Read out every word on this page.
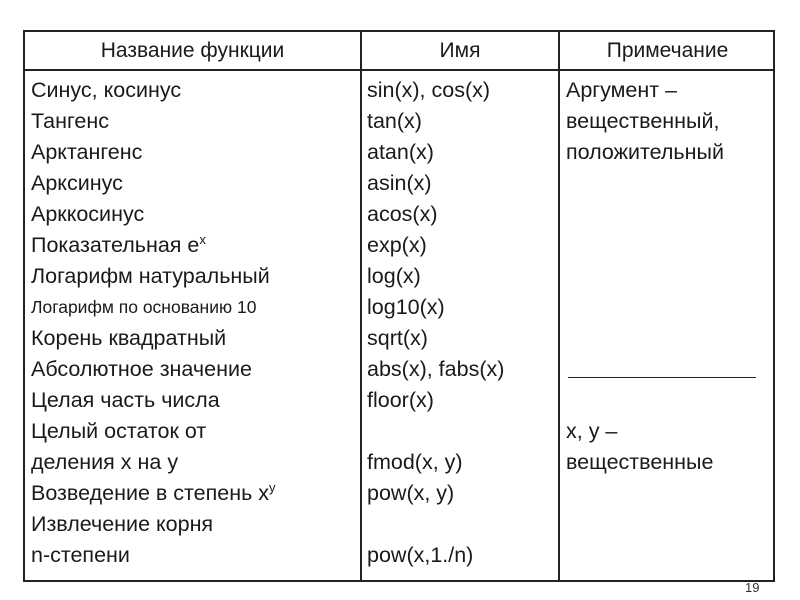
Название функции	Имя	Примечание
Синус, косинус
Тангенс
Арктангенс
Арксинус
Арккосинус
Показательная $e^x$
Логарифм натуральный
Логарифм по основанию 10
Корень квадратный
Абсолютное значение
Целая часть числа
Целый остаток от
деления x на y
Возведение в степень $x^y$
Извлечение корня
n-степени
sin(x), cos(x)
tan(x)
atan(x)
asin(x)
acos(x)
exp(x)
log(x)
log10(x)
sqrt(x)
abs(x), fabs(x)
floor(x)
fmod(x, y)
pow(x, y)
pow(x,1./n)
Аргумент –
вещественный,
положительный
x, y –
вещественные
19
